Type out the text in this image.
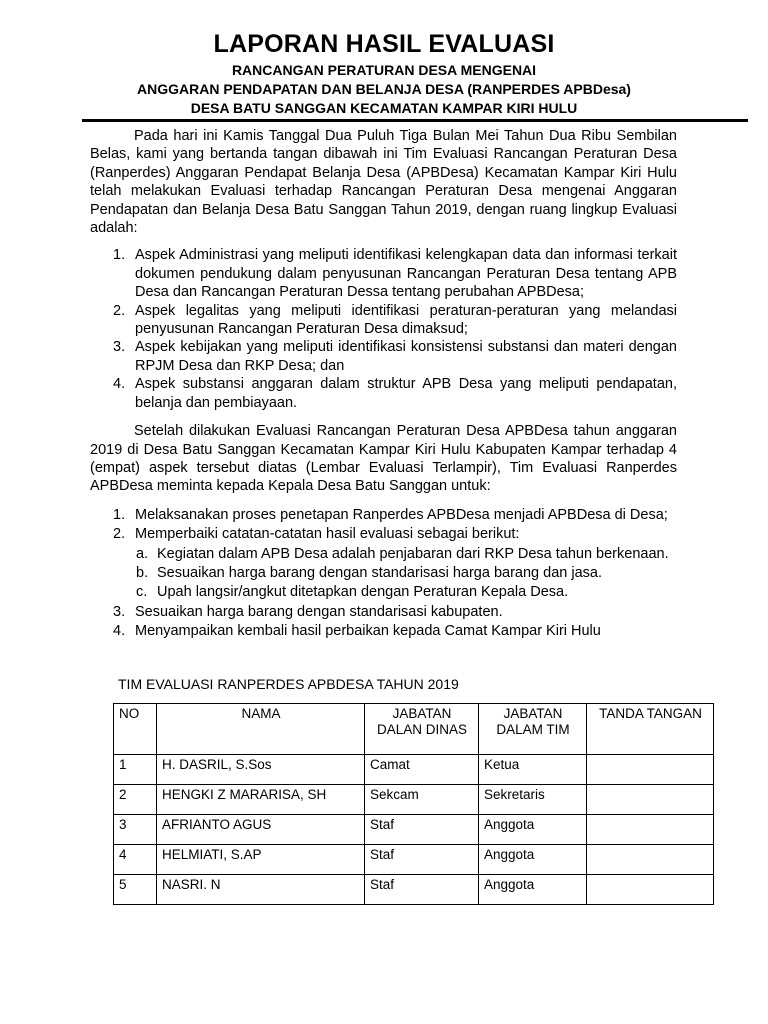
LAPORAN HASIL EVALUASI
RANCANGAN PERATURAN DESA MENGENAI
ANGGARAN PENDAPATAN DAN BELANJA DESA (RANPERDES APBDesa)
DESA BATU SANGGAN KECAMATAN KAMPAR KIRI HULU

Pada hari ini Kamis Tanggal Dua Puluh Tiga Bulan Mei Tahun Dua Ribu Sembilan Belas, kami yang bertanda tangan dibawah ini Tim Evaluasi Rancangan Peraturan Desa (Ranperdes) Anggaran Pendapat Belanja Desa (APBDesa) Kecamatan Kampar Kiri Hulu telah melakukan Evaluasi terhadap Rancangan Peraturan Desa mengenai Anggaran Pendapatan dan Belanja Desa Batu Sanggan Tahun 2019, dengan ruang lingkup Evaluasi adalah:

1. Aspek Administrasi yang meliputi identifikasi kelengkapan data dan informasi terkait dokumen pendukung dalam penyusunan Rancangan Peraturan Desa tentang APB Desa dan Rancangan Peraturan Dessa tentang perubahan APBDesa;
2. Aspek legalitas yang meliputi identifikasi peraturan-peraturan yang melandasi penyusunan Rancangan Peraturan Desa dimaksud;
3. Aspek kebijakan yang meliputi identifikasi konsistensi substansi dan materi dengan RPJM Desa dan RKP Desa; dan
4. Aspek substansi anggaran dalam struktur APB Desa yang meliputi pendapatan, belanja dan pembiayaan.

Setelah dilakukan Evaluasi Rancangan Peraturan Desa APBDesa tahun anggaran 2019 di Desa Batu Sanggan Kecamatan Kampar Kiri Hulu Kabupaten Kampar terhadap 4 (empat) aspek tersebut diatas (Lembar Evaluasi Terlampir), Tim Evaluasi Ranperdes APBDesa meminta kepada Kepala Desa Batu Sanggan untuk:

1. Melaksanakan proses penetapan Ranperdes APBDesa menjadi APBDesa di Desa;
2. Memperbaiki catatan-catatan hasil evaluasi sebagai berikut:
a. Kegiatan dalam APB Desa adalah penjabaran dari RKP Desa tahun berkenaan.
b. Sesuaikan harga barang dengan standarisasi harga barang dan jasa.
c. Upah langsir/angkut ditetapkan dengan Peraturan Kepala Desa.
3. Sesuaikan harga barang dengan standarisasi kabupaten.
4. Menyampaikan kembali hasil perbaikan kepada Camat Kampar Kiri Hulu
TIM EVALUASI RANPERDES APBDESA TAHUN 2019
NO	NAMA	JABATAN DALAN DINAS	JABATAN DALAM TIM	TANDA TANGAN
1	H. DASRIL, S.Sos	Camat	Ketua	
2	HENGKI Z MARARISA, SH	Sekcam	Sekretaris	
3	AFRIANTO AGUS	Staf	Anggota	
4	HELMIATI, S.AP	Staf	Anggota	
5	NASRI. N	Staf	Anggota	
